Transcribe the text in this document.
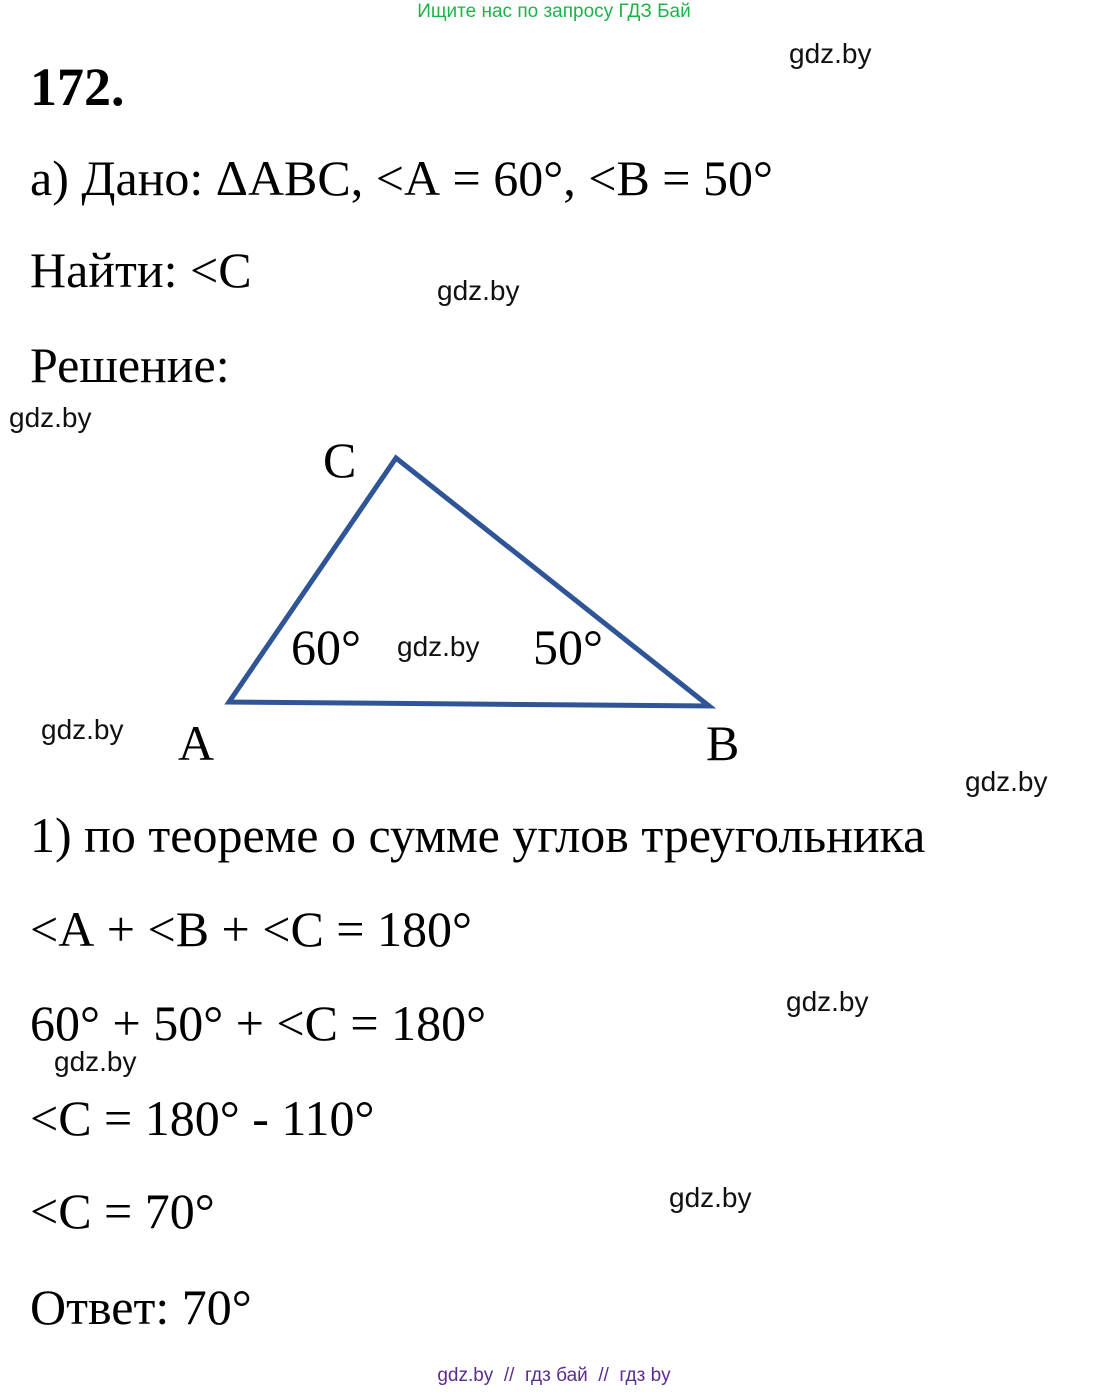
Ищите нас по запросу ГДЗ Бай
172.
а) Дано: ΔАВС, <А = 60°, <В = 50°
Найти: <С
Решение:
С
А	В
60°	50°
1) по теореме о сумме углов треугольника
<А + <В + <С = 180°
60° + 50° + <С = 180°
<С = 180° - 110°
<С = 70°
Ответ: 70°
gdz.by
gdz.by
gdz.by
gdz.by
gdz.by
gdz.by
gdz.by
gdz.by
gdz.by
gdz.by  //  гдз бай  //  гдз by
